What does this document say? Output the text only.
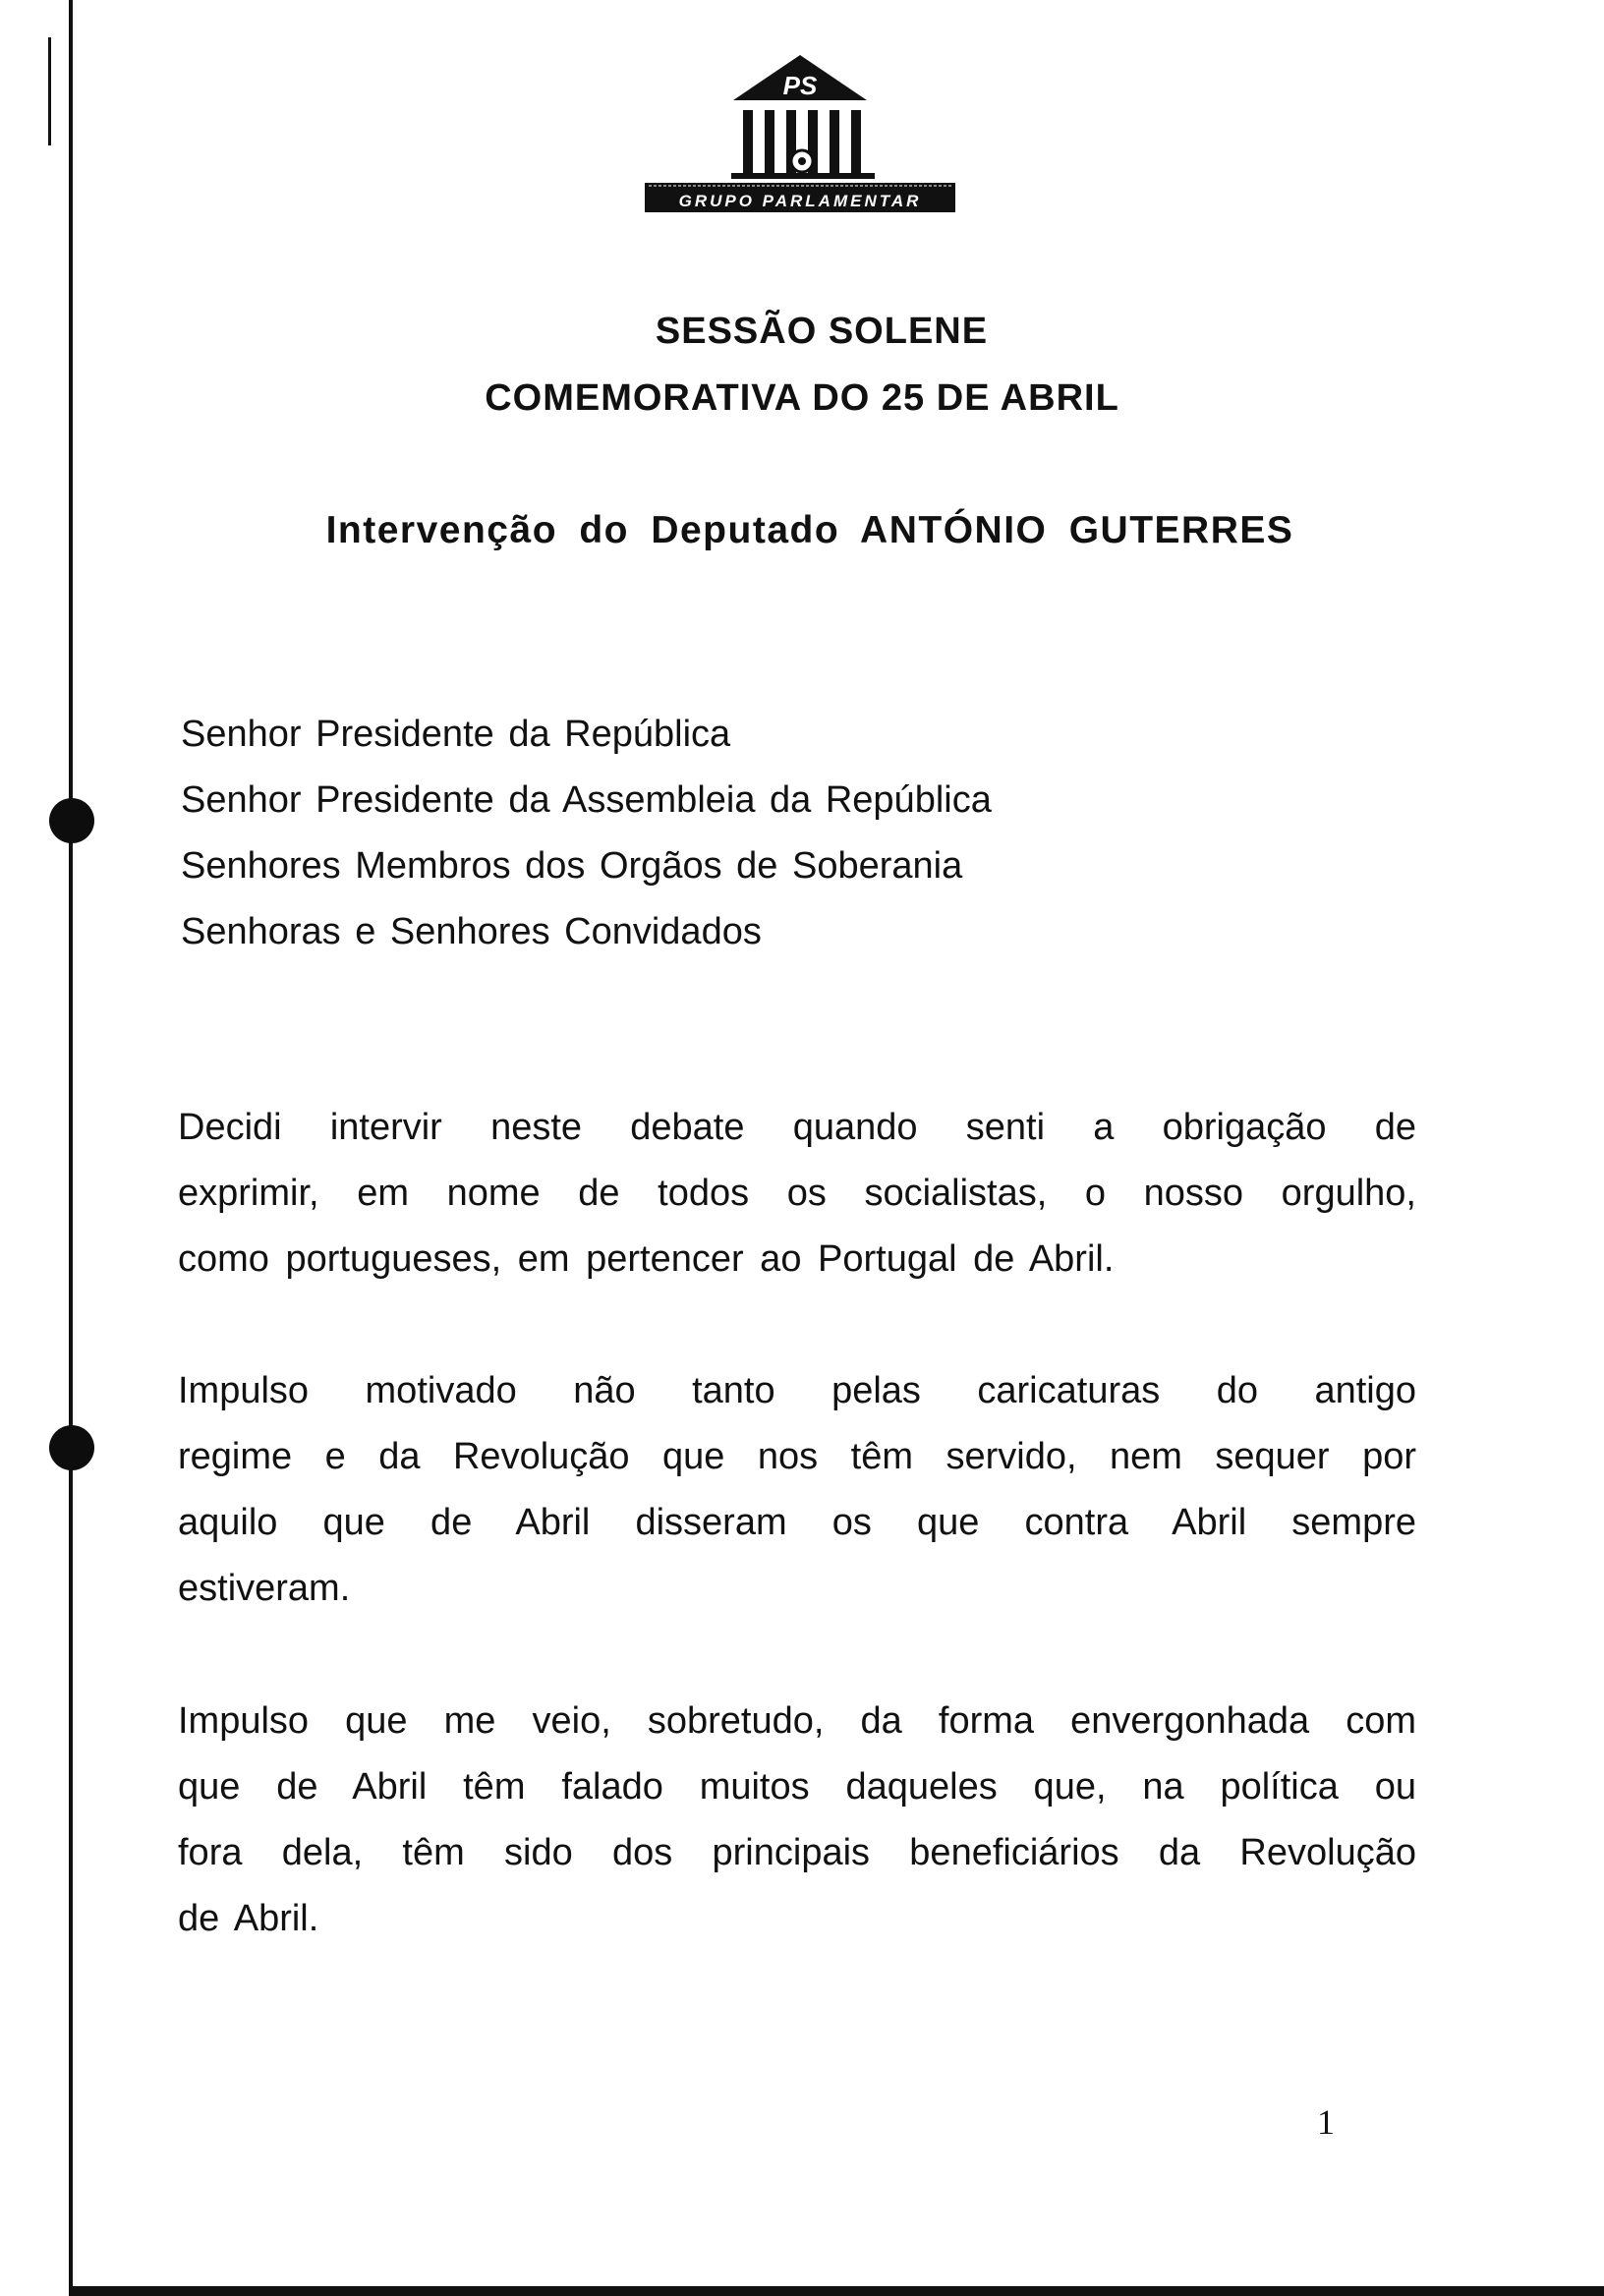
PS
GRUPO PARLAMENTAR
SESSÃO SOLENE
COMEMORATIVA DO 25 DE ABRIL
Intervenção do Deputado ANTÓNIO GUTERRES
Senhor Presidente da República
Senhor Presidente da Assembleia da República
Senhores Membros dos Orgãos de Soberania
Senhoras e Senhores Convidados
Decidi intervir neste debate quando senti a obrigação de
exprimir, em nome de todos os socialistas, o nosso orgulho,
como portugueses, em pertencer ao Portugal de Abril.
Impulso motivado não tanto pelas caricaturas do antigo
regime e da Revolução que nos têm servido, nem sequer por
aquilo que de Abril disseram os que contra Abril sempre
estiveram.
Impulso que me veio, sobretudo, da forma envergonhada com
que de Abril têm falado muitos daqueles que, na política ou
fora dela, têm sido dos principais beneficiários da Revolução
de Abril.
1
